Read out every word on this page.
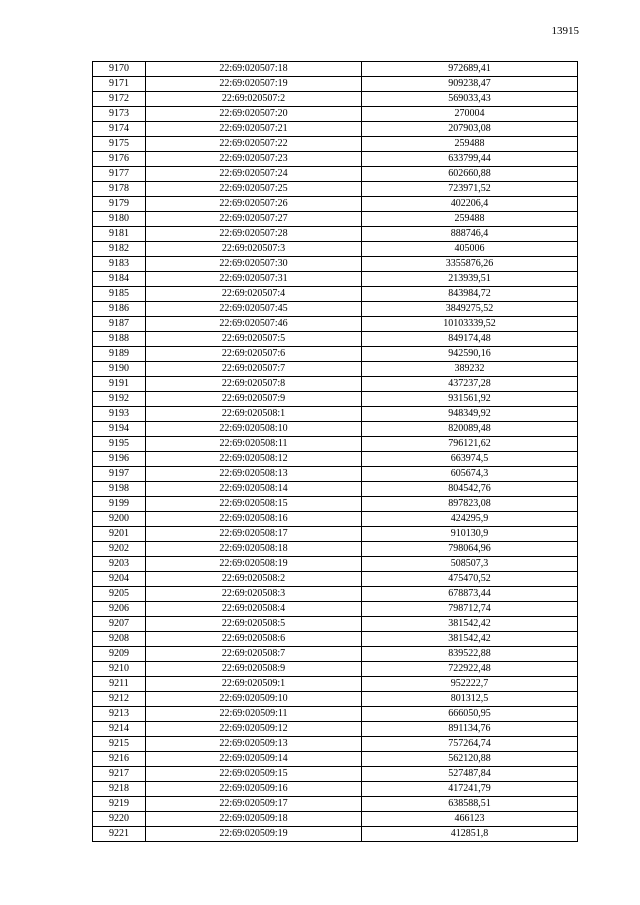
13915
9170	22:69:020507:18	972689,41
9171	22:69:020507:19	909238,47
9172	22:69:020507:2	569033,43
9173	22:69:020507:20	270004
9174	22:69:020507:21	207903,08
9175	22:69:020507:22	259488
9176	22:69:020507:23	633799,44
9177	22:69:020507:24	602660,88
9178	22:69:020507:25	723971,52
9179	22:69:020507:26	402206,4
9180	22:69:020507:27	259488
9181	22:69:020507:28	888746,4
9182	22:69:020507:3	405006
9183	22:69:020507:30	3355876,26
9184	22:69:020507:31	213939,51
9185	22:69:020507:4	843984,72
9186	22:69:020507:45	3849275,52
9187	22:69:020507:46	10103339,52
9188	22:69:020507:5	849174,48
9189	22:69:020507:6	942590,16
9190	22:69:020507:7	389232
9191	22:69:020507:8	437237,28
9192	22:69:020507:9	931561,92
9193	22:69:020508:1	948349,92
9194	22:69:020508:10	820089,48
9195	22:69:020508:11	796121,62
9196	22:69:020508:12	663974,5
9197	22:69:020508:13	605674,3
9198	22:69:020508:14	804542,76
9199	22:69:020508:15	897823,08
9200	22:69:020508:16	424295,9
9201	22:69:020508:17	910130,9
9202	22:69:020508:18	798064,96
9203	22:69:020508:19	508507,3
9204	22:69:020508:2	475470,52
9205	22:69:020508:3	678873,44
9206	22:69:020508:4	798712,74
9207	22:69:020508:5	381542,42
9208	22:69:020508:6	381542,42
9209	22:69:020508:7	839522,88
9210	22:69:020508:9	722922,48
9211	22:69:020509:1	952222,7
9212	22:69:020509:10	801312,5
9213	22:69:020509:11	666050,95
9214	22:69:020509:12	891134,76
9215	22:69:020509:13	757264,74
9216	22:69:020509:14	562120,88
9217	22:69:020509:15	527487,84
9218	22:69:020509:16	417241,79
9219	22:69:020509:17	638588,51
9220	22:69:020509:18	466123
9221	22:69:020509:19	412851,8
